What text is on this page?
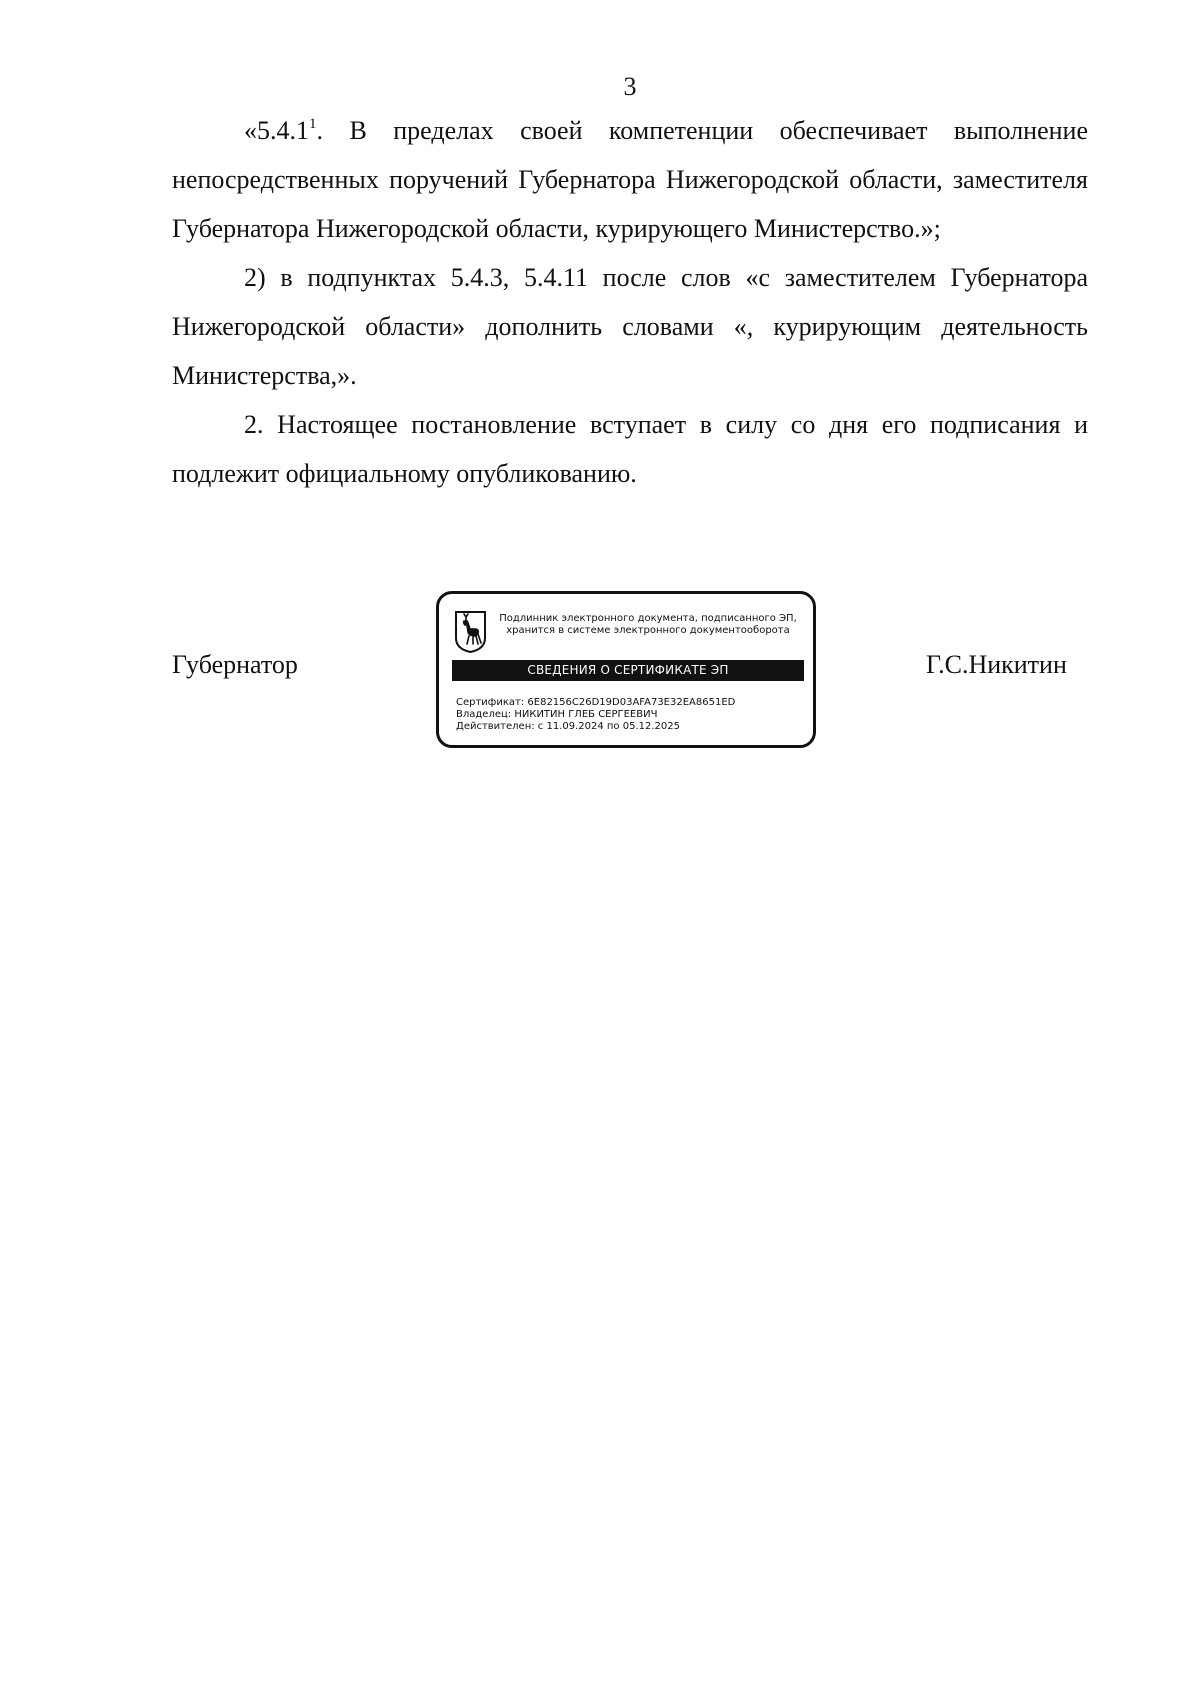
3

«5.4.1$^1$. В пределах своей компетенции обеспечивает выполнение непосредственных поручений Губернатора Нижегородской области, заместителя Губернатора Нижегородской области, курирующего Министерство.»;

2) в подпунктах 5.4.3, 5.4.11 после слов «с заместителем Губернатора Нижегородской области» дополнить словами «, курирующим деятельность Министерства,».

2. Настоящее постановление вступает в силу со дня его подписания и подлежит официальному опубликованию.

Губернатор
Подлинник электронного документа, подписанного ЭП,
хранится в системе электронного документооборота
СВЕДЕНИЯ О СЕРТИФИКАТЕ ЭП
Сертификат: 6E82156C26D19D03AFA73E32EA8651ED
Владелец: НИКИТИН ГЛЕБ СЕРГЕЕВИЧ
Действителен: с 11.09.2024 по 05.12.2025
Г.С.Никитин
